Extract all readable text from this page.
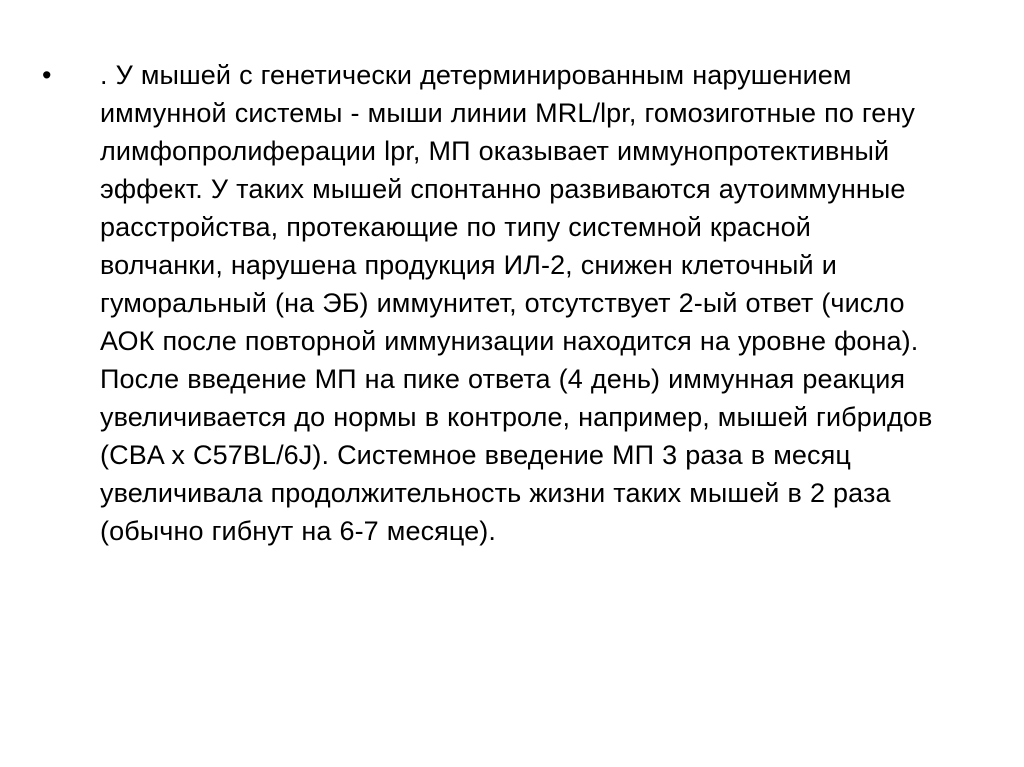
•	. У мышей с генетически детерминированным нарушением иммунной системы - мыши линии MRL/lpr, гомозиготные по гену лимфопролиферации lpr, МП оказывает иммунопротективный эффект. У таких мышей спонтанно развиваются аутоиммунные расстройства, протекающие по типу системной красной волчанки, нарушена продукция ИЛ-2, снижен клеточный и гуморальный (на ЭБ) иммунитет, отсутствует 2-ый ответ (число АОК после повторной иммунизации находится на уровне фона). После введение МП на пике ответа (4 день) иммунная реакция увеличивается до нормы в контроле, например, мышей гибридов (CBA x C57BL/6J). Системное введение МП 3 раза в месяц увеличивала продолжительность жизни таких мышей в 2 раза (обычно гибнут на 6-7 месяце).
